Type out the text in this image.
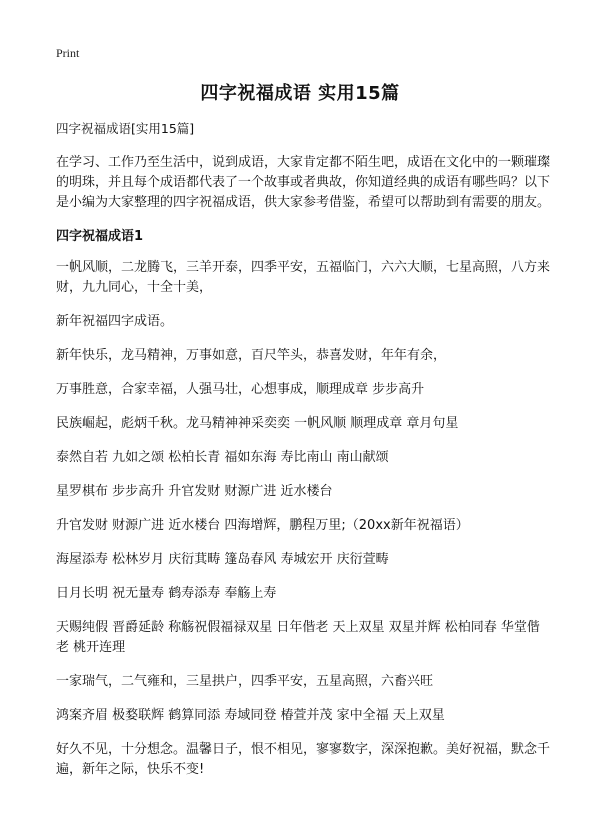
Print
四字祝福成语 实用15篇

四字祝福成语[实用15篇]

在学习、工作乃至生活中，说到成语，大家肯定都不陌生吧，成语在文化中的一颗璀璨的明珠，并且每个成语都代表了一个故事或者典故，你知道经典的成语有哪些吗？以下是小编为大家整理的四字祝福成语，供大家参考借鉴，希望可以帮助到有需要的朋友。

四字祝福成语1

一帆风顺，二龙腾飞，三羊开泰，四季平安，五福临门，六六大顺，七星高照，八方来财，九九同心，十全十美，

新年祝福四字成语。

新年快乐，龙马精神，万事如意，百尺竿头，恭喜发财，年年有余，

万事胜意，合家幸福，人强马壮，心想事成，顺理成章 步步高升

民族崛起，彪炳千秋。龙马精神神采奕奕 一帆风顺 顺理成章 章月句星

泰然自若 九如之颂 松柏长青 福如东海 寿比南山 南山献颂

星罗棋布 步步高升 升官发财 财源广进 近水楼台

升官发财 财源广进 近水楼台 四海增辉，鹏程万里;（20xx新年祝福语）

海屋添寿 松林岁月 庆衍萁畴 篷岛春风 寿城宏开 庆衍萱畴

日月长明 祝无量寿 鹤寿添寿 奉觞上寿

天赐纯假 晋爵延龄 称觞祝假福禄双星 日年偕老 天上双星 双星并辉 松柏同春 华堂偕老 桃开连理

一家瑞气，二气雍和，三星拱户，四季平安，五星高照，六畜兴旺

鸿案齐眉 极婺联辉 鹤算同添 寿域同登 椿萱并茂 家中全福 天上双星

好久不见，十分想念。温馨日子，恨不相见，寥寥数字，深深抱歉。美好祝福，默念千遍，新年之际，快乐不变!
